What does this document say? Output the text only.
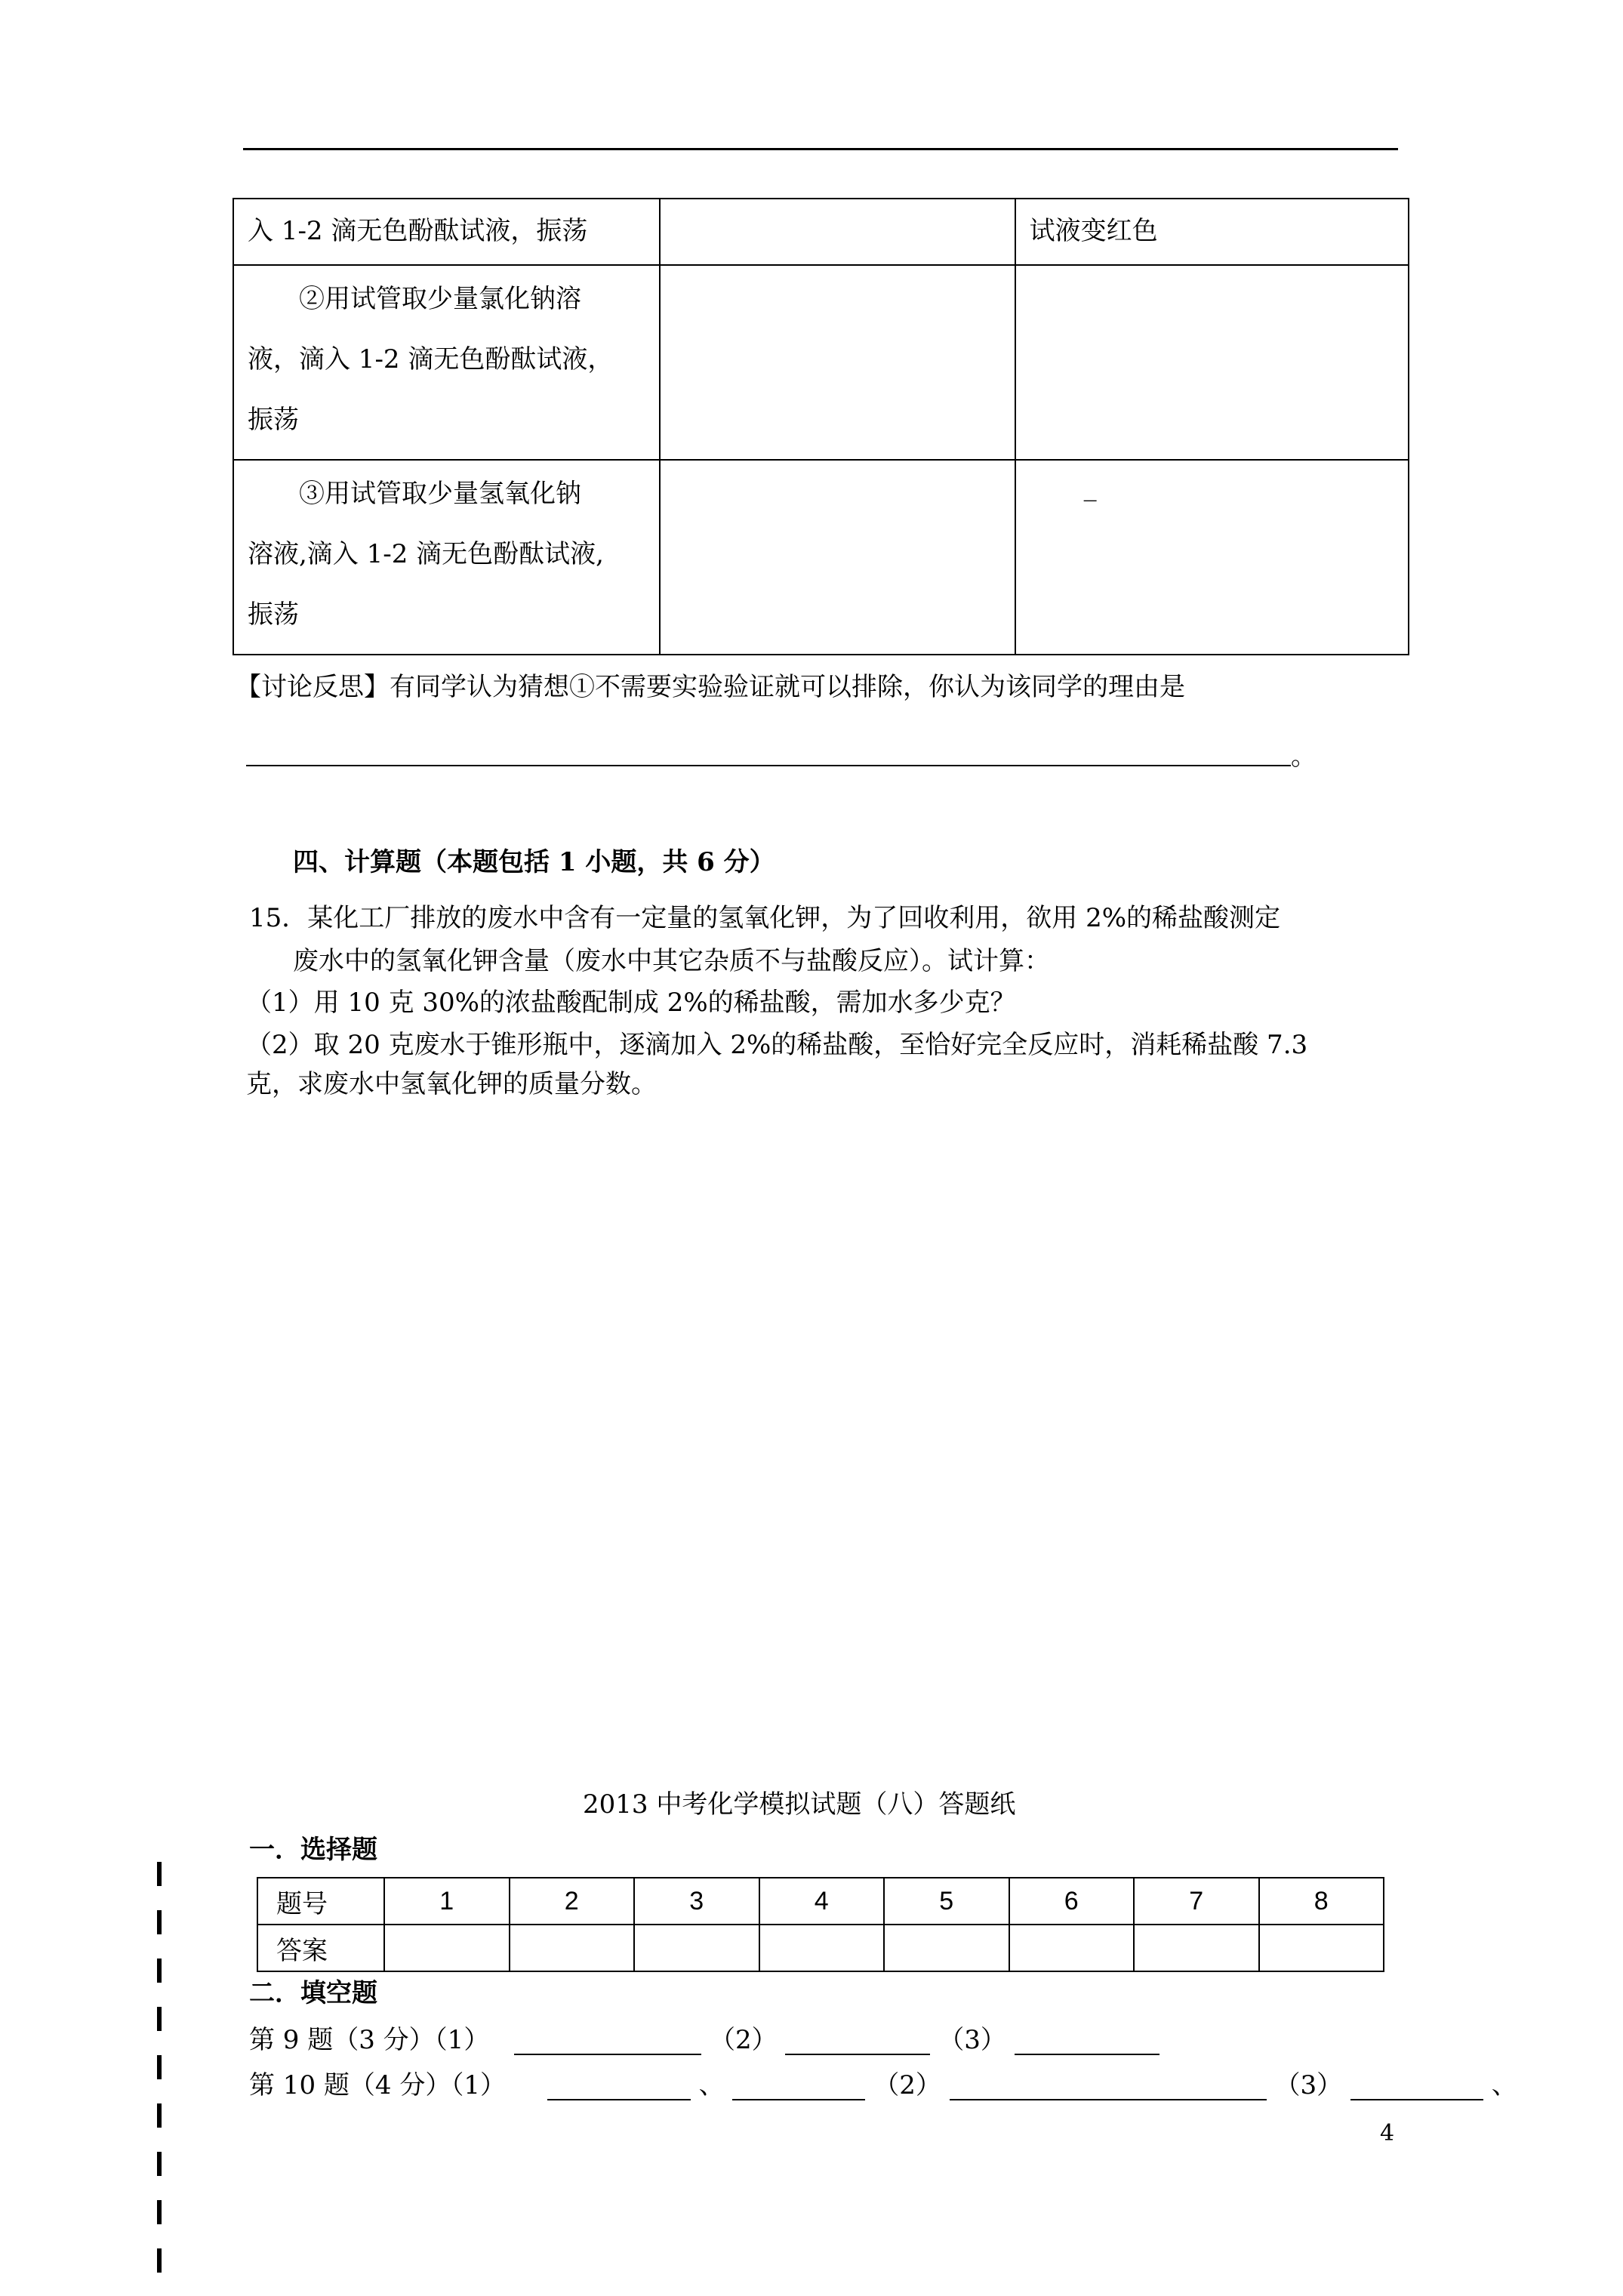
入 1-2 滴无色酚酞试液，振荡		试液变红色

　　②用试管取少量氯化钠溶
液，滴入 1-2 滴无色酚酞试液，
振荡		

　　③用试管取少量氢氧化钠
溶液,滴入 1-2 滴无色酚酞试液,
振荡		_
【讨论反思】有同学认为猜想①不需要实验验证就可以排除，你认为该同学的理由是
。
四、计算题（本题包括 1 小题，共 6 分）
15．某化工厂排放的废水中含有一定量的氢氧化钾，为了回收利用，欲用 2%的稀盐酸测定
废水中的氢氧化钾含量（废水中其它杂质不与盐酸反应）。试计算：
（1）用 10 克 30%的浓盐酸配制成 2%的稀盐酸，需加水多少克？
（2）取 20 克废水于锥形瓶中，逐滴加入 2%的稀盐酸，至恰好完全反应时，消耗稀盐酸 7.3
克，求废水中氢氧化钾的质量分数。
2013 中考化学模拟试题（八）答题纸
一．选择题
题号	1	2	3	4	5	6	7	8
答案								
二．填空题
第 9 题（3 分）（1）	（2）	（3）
第 10 题（4 分）（1）	、	（2）	（3）	、
4
